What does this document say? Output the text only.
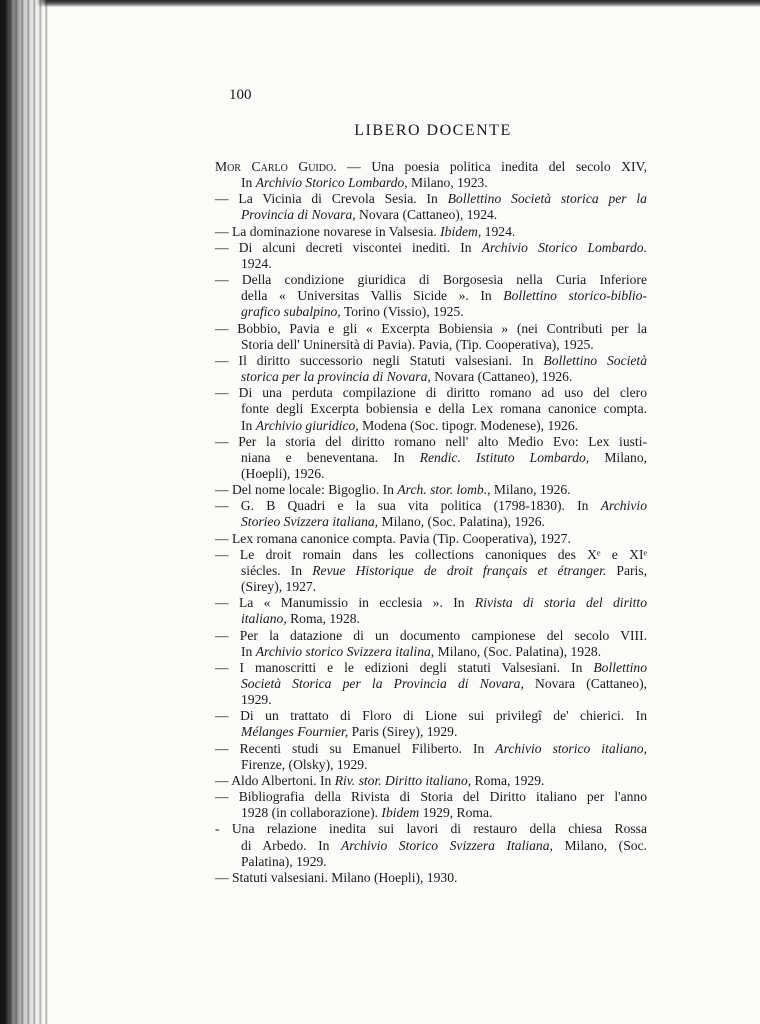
100
LIBERO DOCENTE
Mor Carlo Guido. — Una poesia politica inedita del secolo XIV,
In Archivio Storico Lombardo, Milano, 1923.
— La Vicinia di Crevola Sesia. In Bollettino Società storica per la
Provincia di Novara, Novara (Cattaneo), 1924.
— La dominazione novarese in Valsesia. Ibidem, 1924.
— Di alcuni decreti viscontei inediti. In Archivio Storico Lombardo.
1924.
— Della condizione giuridica di Borgosesia nella Curia Inferiore
della « Universitas Vallis Sicide ». In Bollettino storico-biblio-
grafico subalpino, Torino (Vissio), 1925.
— Bobbio, Pavia e gli « Excerpta Bobiensia » (nei Contributi per la
Storia dell' Uninersità di Pavia). Pavia, (Tip. Cooperativa), 1925.
— Il diritto successorio negli Statuti valsesiani. In Bollettino Società
storica per la provincia di Novara, Novara (Cattaneo), 1926.
— Di una perduta compilazione di diritto romano ad uso del clero
fonte degli Excerpta bobiensia e della Lex romana canonice compta.
In Archivio giuridico, Modena (Soc. tipogr. Modenese), 1926.
— Per la storia del diritto romano nell' alto Medio Evo: Lex iusti-
niana e beneventana. In Rendic. Istituto Lombardo, Milano,
(Hoepli), 1926.
— Del nome locale: Bigoglio. In Arch. stor. lomb., Milano, 1926.
— G. B Quadri e la sua vita politica (1798-1830). In Archivio
Storieo Svizzera italiana, Milano, (Soc. Palatina), 1926.
— Lex romana canonice compta. Pavia (Tip. Cooperativa), 1927.
— Le droit romain dans les collections canoniques des Xᵉ e XIᵉ
siécles. In Revue Historique de droit français et étranger. Paris,
(Sirey), 1927.
— La « Manumissio in ecclesia ». In Rivista di storia del diritto
italiano, Roma, 1928.
— Per la datazione di un documento campionese del secolo VIII.
In Archivio storico Svizzera italina, Milano, (Soc. Palatina), 1928.
— I manoscritti e le edizioni degli statuti Valsesiani. In Bollettino
Società Storica per la Provincia di Novara, Novara (Cattaneo),
1929.
— Di un trattato di Floro di Lione sui privilegî de' chierici. In
Mélanges Fournier, Paris (Sirey), 1929.
— Recenti studi su Emanuel Filiberto. In Archivio storico italiano,
Firenze, (Olsky), 1929.
— Aldo Albertoni. In Riv. stor. Diritto italiano, Roma, 1929.
— Bibliografia della Rivista di Storia del Diritto italiano per l'anno
1928 (in collaborazione). Ibidem 1929, Roma.
- Una relazione inedita sui lavori di restauro della chiesa Rossa
di Arbedo. In Archivio Storico Svizzera Italiana, Milano, (Soc.
Palatina), 1929.
— Statuti valsesiani. Milano (Hoepli), 1930.
